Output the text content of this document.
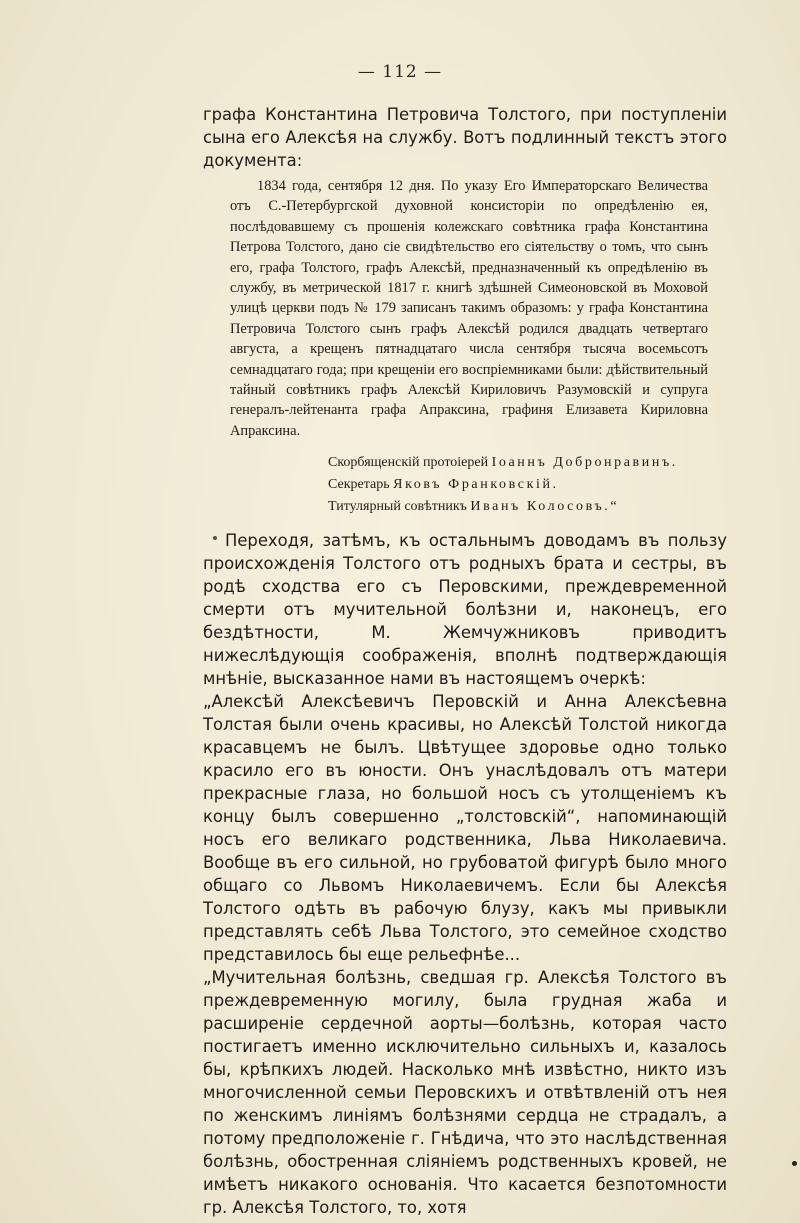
— 112 —

графа Константина Петровича Толстого, при поступленіи сына его Алексѣя на службу. Вотъ подлинный текстъ этого документа:

1834 года, сентября 12 дня. По указу Его Императорскаго Величества отъ С.-Петербургской духовной консисторіи по опредѣленію ея, послѣдовавшему съ прошенія колежскаго совѣтника графа Константина Петрова Толстого, дано сіе свидѣтельство его сіятельству о томъ, что сынъ его, графа Толстого, графъ Алексѣй, предназначенный къ опредѣленію въ службу, въ метрической 1817 г. книгѣ здѣшней Симеоновской въ Моховой улицѣ церкви подъ № 179 записанъ такимъ образомъ: у графа Константина Петровича Толстого сынъ графъ Алексѣй родился двадцать четвертаго августа, а крещенъ пятнадцатаго числа сентября тысяча восемьсотъ семнадцатаго года; при крещеніи его воспріемниками были: дѣйствительный тайный совѣтникъ графъ Алексѣй Кириловичъ Разумовскій и супруга генералъ-лейтенанта графа Апраксина, графиня Елизавета Кириловна Апраксина.

Скорбященскій протоіерей Іоаннъ Добронравинъ.
Секретарь Яковъ Франковскій.
Титулярный совѣтникъ Иванъ Колосовъ.“

Переходя, затѣмъ, къ остальнымъ доводамъ въ пользу происхожденія Толстого отъ родныхъ брата и сестры, въ родѣ сходства его съ Перовскими, преждевременной смерти отъ мучительной болѣзни и, наконецъ, его бездѣтности, М. Жемчужниковъ приводитъ нижеслѣдующія соображенія, вполнѣ подтверждающія мнѣніе, высказанное нами въ настоящемъ очеркѣ:

„Алексѣй Алексѣевичъ Перовскій и Анна Алексѣевна Толстая были очень красивы, но Алексѣй Толстой никогда красавцемъ не былъ. Цвѣтущее здоровье одно только красило его въ юности. Онъ унаслѣдовалъ отъ матери прекрасные глаза, но большой носъ съ утолщеніемъ къ концу былъ совершенно „толстовскій“, напоминающій носъ его великаго родственника, Льва Николаевича. Вообще въ его сильной, но грубоватой фигурѣ было много общаго со Львомъ Николаевичемъ. Если бы Алексѣя Толстого одѣть въ рабочую блузу, какъ мы привыкли представлять себѣ Льва Толстого, это семейное сходство представилось бы еще рельефнѣе...

„Мучительная болѣзнь, сведшая гр. Алексѣя Толстого въ преждевременную могилу, была грудная жаба и расширеніе сердечной аорты—болѣзнь, которая часто постигаетъ именно исключительно сильныхъ и, казалось бы, крѣпкихъ людей. Насколько мнѣ извѣстно, никто изъ многочисленной семьи Перовскихъ и отвѣтвленій отъ нея по женскимъ линіямъ болѣзнями сердца не страдалъ, а потому предположеніе г. Гнѣдича, что это наслѣдственная болѣзнь, обостренная сліяніемъ родственныхъ кровей, не имѣетъ никакого основанія. Что касается безпотомности гр. Алексѣя Толстого, то, хотя
